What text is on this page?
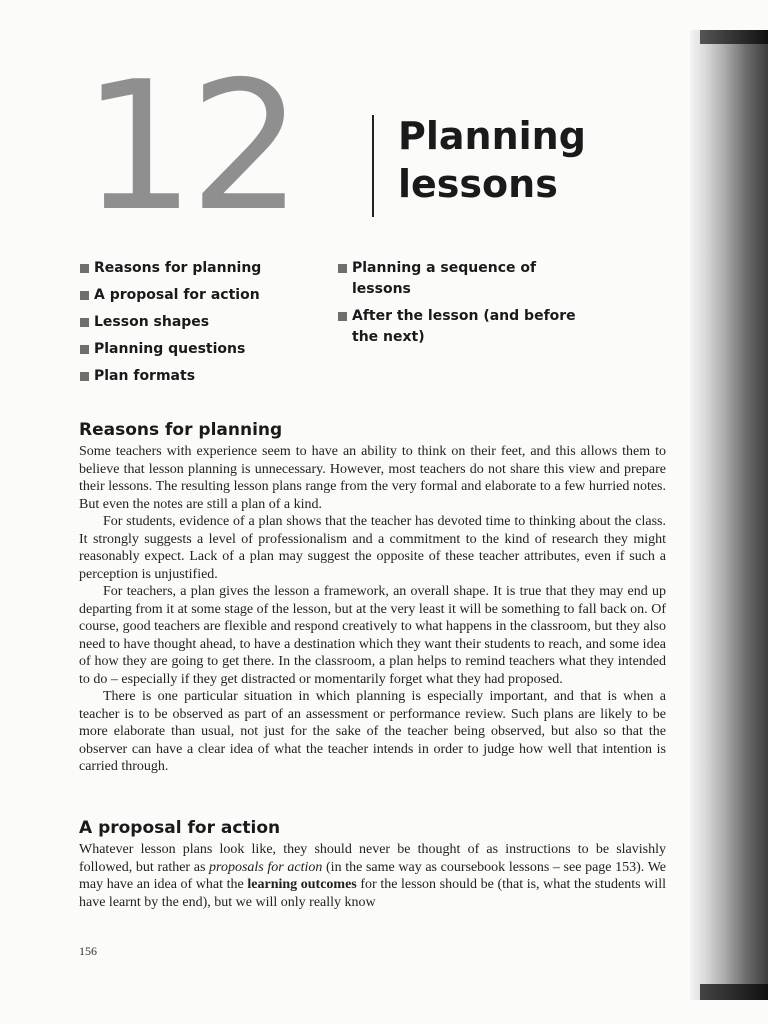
12	Planning
lessons
Reasons for planning
A proposal for action
Lesson shapes
Planning questions
Plan formats
Planning a sequence of lessons
After the lesson (and before the next)
Reasons for planning

Some teachers with experience seem to have an ability to think on their feet, and this allows them to believe that lesson planning is unnecessary. However, most teachers do not share this view and prepare their lessons. The resulting lesson plans range from the very formal and elaborate to a few hurried notes. But even the notes are still a plan of a kind.

For students, evidence of a plan shows that the teacher has devoted time to thinking about the class. It strongly suggests a level of professionalism and a commitment to the kind of research they might reasonably expect. Lack of a plan may suggest the opposite of these teacher attributes, even if such a perception is unjustified.

For teachers, a plan gives the lesson a framework, an overall shape. It is true that they may end up departing from it at some stage of the lesson, but at the very least it will be something to fall back on. Of course, good teachers are flexible and respond creatively to what happens in the classroom, but they also need to have thought ahead, to have a destination which they want their students to reach, and some idea of how they are going to get there. In the classroom, a plan helps to remind teachers what they intended to do – especially if they get distracted or momentarily forget what they had proposed.

There is one particular situation in which planning is especially important, and that is when a teacher is to be observed as part of an assessment or performance review. Such plans are likely to be more elaborate than usual, not just for the sake of the teacher being observed, but also so that the observer can have a clear idea of what the teacher intends in order to judge how well that intention is carried through.

A proposal for action

Whatever lesson plans look like, they should never be thought of as instructions to be slavishly followed, but rather as proposals for action (in the same way as coursebook lessons – see page 153). We may have an idea of what the learning outcomes for the lesson should be (that is, what the students will have learnt by the end), but we will only really know

156
